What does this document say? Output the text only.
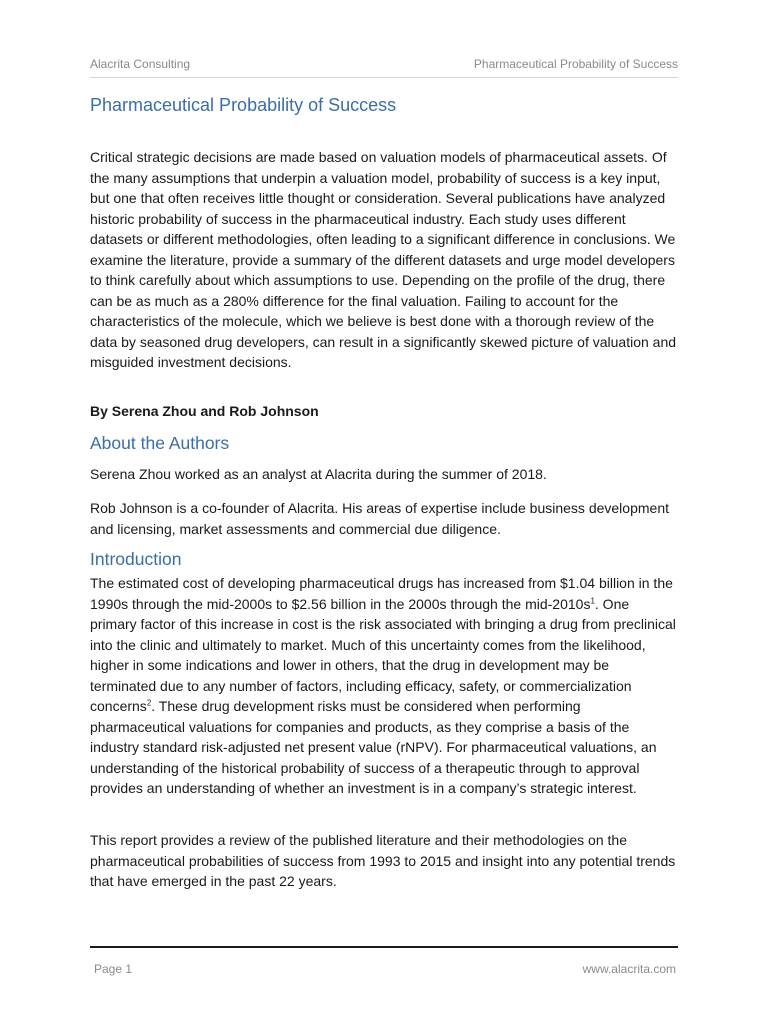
Alacrita Consulting	Pharmaceutical Probability of Success
Pharmaceutical Probability of Success

Critical strategic decisions are made based on valuation models of pharmaceutical assets. Of the many assumptions that underpin a valuation model, probability of success is a key input, but one that often receives little thought or consideration. Several publications have analyzed historic probability of success in the pharmaceutical industry. Each study uses different datasets or different methodologies, often leading to a significant difference in conclusions. We examine the literature, provide a summary of the different datasets and urge model developers to think carefully about which assumptions to use. Depending on the profile of the drug, there can be as much as a 280% difference for the final valuation. Failing to account for the characteristics of the molecule, which we believe is best done with a thorough review of the data by seasoned drug developers, can result in a significantly skewed picture of valuation and misguided investment decisions.

By Serena Zhou and Rob Johnson

About the Authors

Serena Zhou worked as an analyst at Alacrita during the summer of 2018.

Rob Johnson is a co-founder of Alacrita. His areas of expertise include business development and licensing, market assessments and commercial due diligence.

Introduction

The estimated cost of developing pharmaceutical drugs has increased from $1.04 billion in the 1990s through the mid-2000s to $2.56 billion in the 2000s through the mid-$2010s^1$. One primary factor of this increase in cost is the risk associated with bringing a drug from preclinical into the clinic and ultimately to market. Much of this uncertainty comes from the likelihood, higher in some indications and lower in others, that the drug in development may be terminated due to any number of factors, including efficacy, safety, or commercialization concerns$^2$. These drug development risks must be considered when performing pharmaceutical valuations for companies and products, as they comprise a basis of the industry standard risk-adjusted net present value (rNPV). For pharmaceutical valuations, an understanding of the historical probability of success of a therapeutic through to approval provides an understanding of whether an investment is in a company’s strategic interest.

This report provides a review of the published literature and their methodologies on the pharmaceutical probabilities of success from 1993 to 2015 and insight into any potential trends that have emerged in the past 22 years.

Page 1	www.alacrita.com
